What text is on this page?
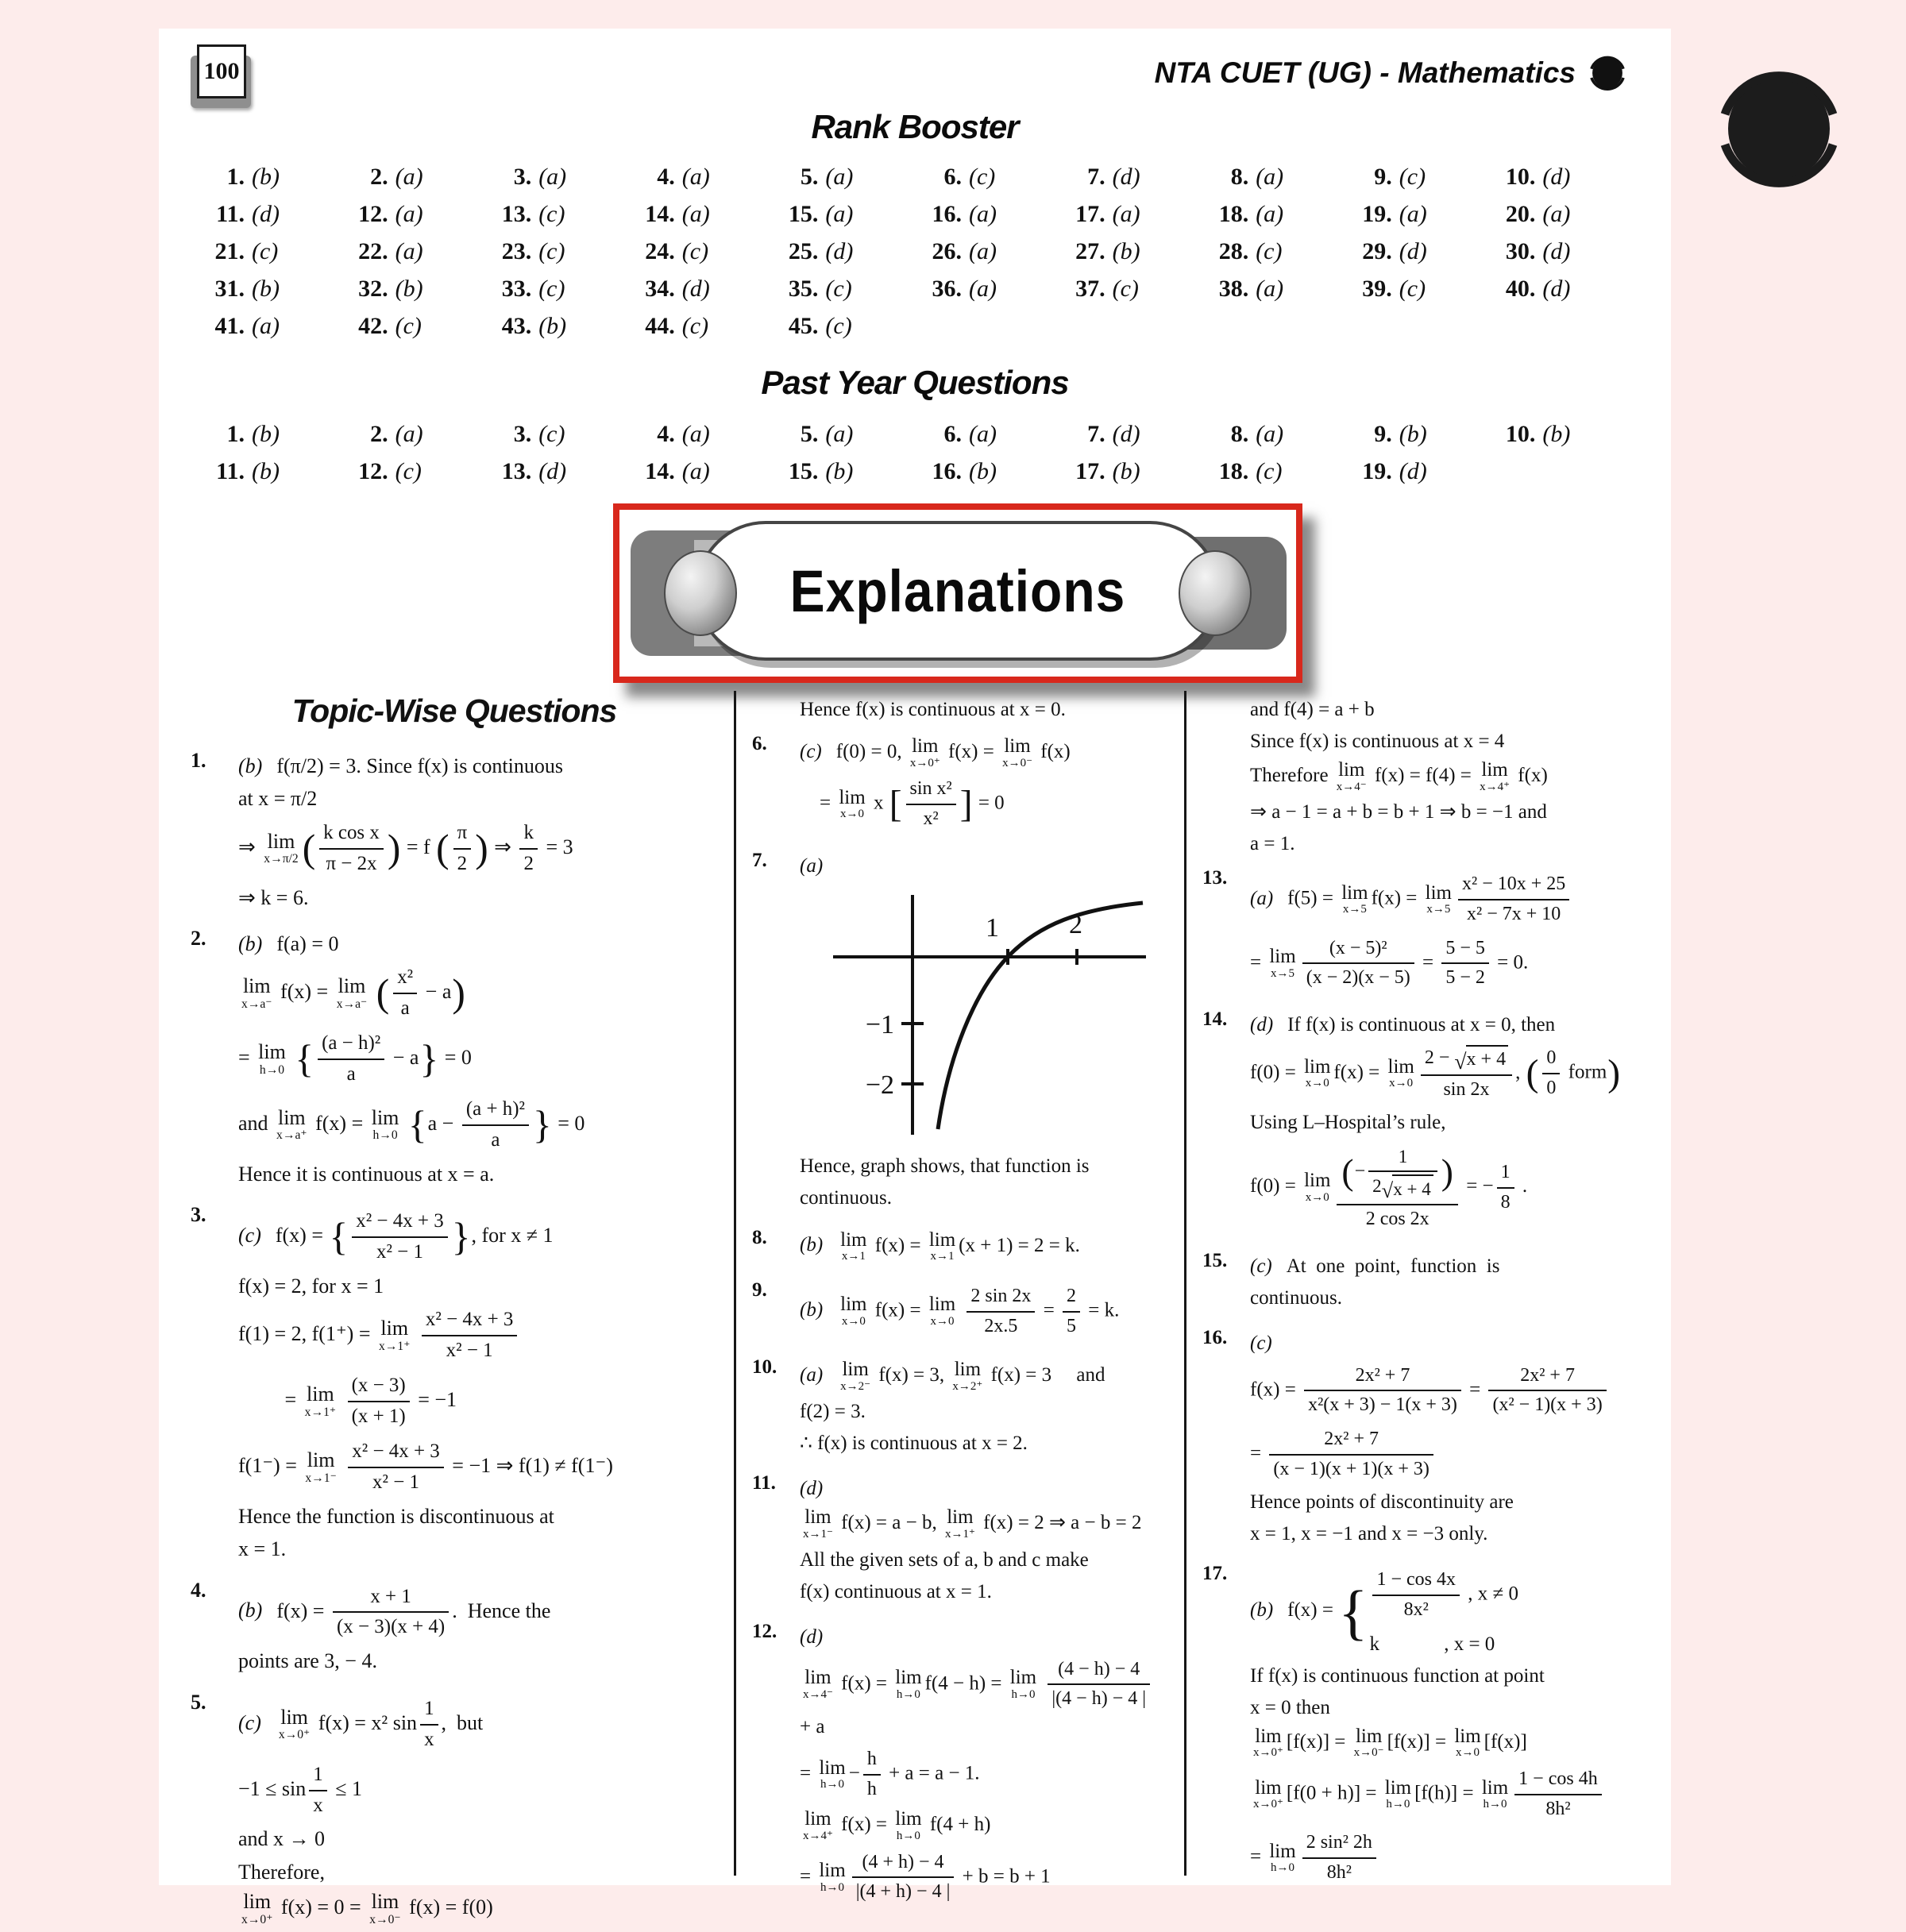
100	NTA CUET (UG) - Mathematics
Rank Booster
1. (b)	2. (a)	3. (a)	4. (a)	5. (a)	6. (c)	7. (d)	8. (a)	9. (c)	10. (d)
11. (d)	12. (a)	13. (c)	14. (a)	15. (a)	16. (a)	17. (a)	18. (a)	19. (a)	20. (a)
21. (c)	22. (a)	23. (c)	24. (c)	25. (d)	26. (a)	27. (b)	28. (c)	29. (d)	30. (d)
31. (b)	32. (b)	33. (c)	34. (d)	35. (c)	36. (a)	37. (c)	38. (a)	39. (c)	40. (d)
41. (a)	42. (c)	43. (b)	44. (c)	45. (c)
Past Year Questions
1. (b)	2. (a)	3. (c)	4. (a)	5. (a)	6. (a)	7. (d)	8. (a)	9. (b)	10. (b)
11. (b)	12. (c)	13. (d)	14. (a)	15. (b)	16. (b)	17. (b)	18. (c)	19. (d)
Explanations
Topic-Wise Questions
1.	(b) f(π/2) = 3. Since f(x) is continuous
at x = π/2
⇒ lim
x→π/2 ( $\frac{\text{k cos x}}{\pi - 2x}$ ) = f ( $\frac{\pi}{2}$ ) ⇒ $\frac{k}{2} = 3$
⇒ k = 6.
2.	(b) f(a) = 0
lim
x→a⁻
f(x) = lim
x→a⁻
( $\frac{\text{x²}}{a} - a$ )
= lim
h→0
{ $\frac{\text{(a − h)²}}{a} - a$ } = 0
and lim
x→a⁺
f(x) = lim
h→0
{ $a - \frac{\text{(a + h)²}}{a}$ } = 0
Hence it is continuous at x = a.
3.
(c) f(x) = { $\frac{\text{x² − 4x + 3}}{\text{x² − 1}}$ } , for x ≠ 1
f(x) = 2, for x = 1
f(1) = 2, f(1⁺) = lim
x→1⁺
$\frac{\text{x² − 4x + 3}}{\text{x² − 1}}$
= lim
x→1⁺
$\frac{(x - 3)}{(x + 1)} = -1$
f(1⁻) = lim
x→1⁻
$\frac{\text{x² − 4x + 3}}{\text{x² − 1}} = -1$ ⇒ f(1) ≠ f(1⁻)
Hence the function is discontinuous at
x = 1.
4.
(b) $f(x) = \frac{x + 1}{(x - 3)(x + 4)}$ .  Hence the
points are 3, − 4.
5.
(c) lim
x→0⁺
f(x) = x² $\sin \frac{1}{x}$ ,  but
$-1 \le \sin \frac{1}{x} \le 1$
and x → 0
Therefore,
lim
x→0⁺
f(x) = 0 = lim
x→0⁻
f(x) = f(0)
Hence f(x) is continuous at x = 0.
6.	(c) f(0) = 0, lim
x→0⁺
f(x) = lim
x→0⁻
f(x)
= lim
x→0
x [ $\frac{\text{sin x²}}{\text{x²}}$ ] = 0
7.	(a)
1	2
−1
−2
Hence, graph shows, that function is
continuous.
8.	(b) lim
x→1
f(x) = lim
x→1
(x + 1) = 2 = k.
9.
(b) lim
x→0
f(x) = lim
x→0
$\frac{2 \sin 2x}{2x.5} = \frac{2}{5} = k$.
10.	(a) lim
x→2⁻
f(x) = 3, lim
x→2⁺
f(x) = 3     and
f(2) = 3.
∴ f(x) is continuous at x = 2.
11.	(d)
lim
x→1⁻
f(x) = a − b, lim
x→1⁺
f(x) = 2 ⇒ a − b = 2
All the given sets of a, b and c make
f(x) continuous at x = 1.
12.	(d)
lim
x→4⁻
f(x) = lim
h→0
f(4 − h) = lim
h→0
$\frac{(4 - h) - 4}{|(4 - h) - 4 |} + a$
= lim
h→0
− $\frac{h}{h} + a = a - 1$.
lim
x→4⁺
f(x) = lim
h→0
f(4 + h)
= lim
$h\to 0 \frac{(4 + h) - 4}{|(4 + h) - 4 |} + b = b + 1$
and f(4) = a + b
Since f(x) is continuous at x = 4
Therefore lim
x→4⁻
f(x) = f(4) = lim
x→4⁺
f(x)
⇒ a − 1 = a + b = b + 1 ⇒ b = −1 and
a = 1.
13.
(a) f(5) = lim
x→5
f(x) = lim
$x\to 5 \frac{\text{x² − 10x + 25}}{\text{x² − 7x + 10}}$
= lim
$x\to 5 \frac{\text{(x − 5)²}}{(x - 2)(x - 5)} = \frac{5 - 5}{5 - 2} = 0$.
14.	(d) If f(x) is continuous at x = 0, then
f(0) = lim
x→0
f(x) = lim
$x\to 0 \frac{2 - √ x + 4}{\sin 2x}$ , ( $\frac{0}{0}$ form )
Using L–Hospital’s rule,
f(0) = lim
$x\to 0 \frac{( - \frac{1}{2 √ x + 4} )}{2 \cos 2x}$ = − $\frac{1}{8}$ .
15.	(c) At  one  point,  function  is
continuous.
16.	(c)
$f(x) = \frac{\text{2x² + 7}}{\text{x²(x + 3) − 1(x + 3)}} = \frac{\text{2x² + 7}}{\text{(x² − 1)(x + 3)}}$
= $\frac{\text{2x² + 7}}{(x - 1)(x + 1)(x + 3)}$
Hence points of discontinuity are
x = 1, x = −1 and x = −3 only.
17.
(b) f(x) = { $\frac{1 - \cos 4x}{\text{8x²}}$ , x ≠ 0
k             , x = 0
If f(x) is continuous function at point
x = 0 then
lim
x→0⁺
[f(x)] = lim
x→0⁻
[f(x)] = lim
x→0
[f(x)]
lim
x→0⁺
[f(0 + h)] = lim
h→0
[f(h)] = lim
$h\to 0 \frac{1 - \cos 4h}{\text{8h²}}$
= lim
$h\to 0 \frac{\text{2 sin² 2h}}{\text{8h²}}$
